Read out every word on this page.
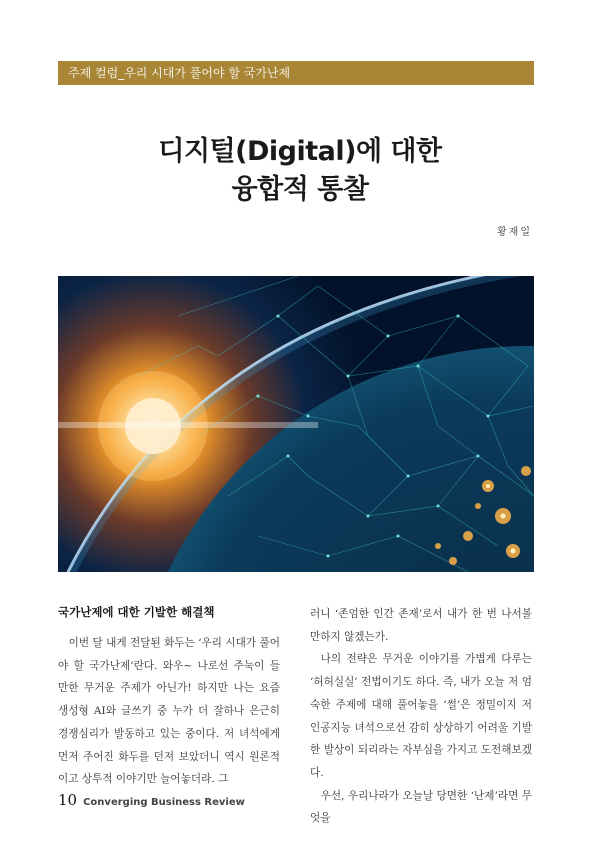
주제 컬럼_우리 시대가 풀어야 할 국가난제
디지털(Digital)에 대한
융합적 통찰
황재일
국가난제에 대한 기발한 해결책

이번 달 내게 전달된 화두는 ‘우리 시대가 풀어야 할 국가난제’란다. 와우~ 나로선 주눅이 들 만한 무거운 주제가 아닌가! 하지만 나는 요즘 생성형 AI와 글쓰기 중 누가 더 잘하나 은근히 경쟁심리가 발동하고 있는 중이다. 저 녀석에게 먼저 주어진 화두를 던져 보았더니 역시 원론적이고 상투적 이야기만 늘어놓더라. 그

러니 ‘존엄한 인간 존재’로서 내가 한 번 나서볼 만하지 않겠는가.

나의 전략은 무거운 이야기를 가볍게 다루는 ‘허허실실’ 전법이기도 하다. 즉, 내가 오늘 저 엄숙한 주제에 대해 풀어놓을 ‘썰’은 정밀이지 저 인공지능 녀석으로선 감히 상상하기 어려울 기발한 발상이 되리라는 자부심을 가지고 도전해보겠다.

우선, 우리나라가 오늘날 당면한 ‘난제’라면 무엇을

10 Converging Business Review
